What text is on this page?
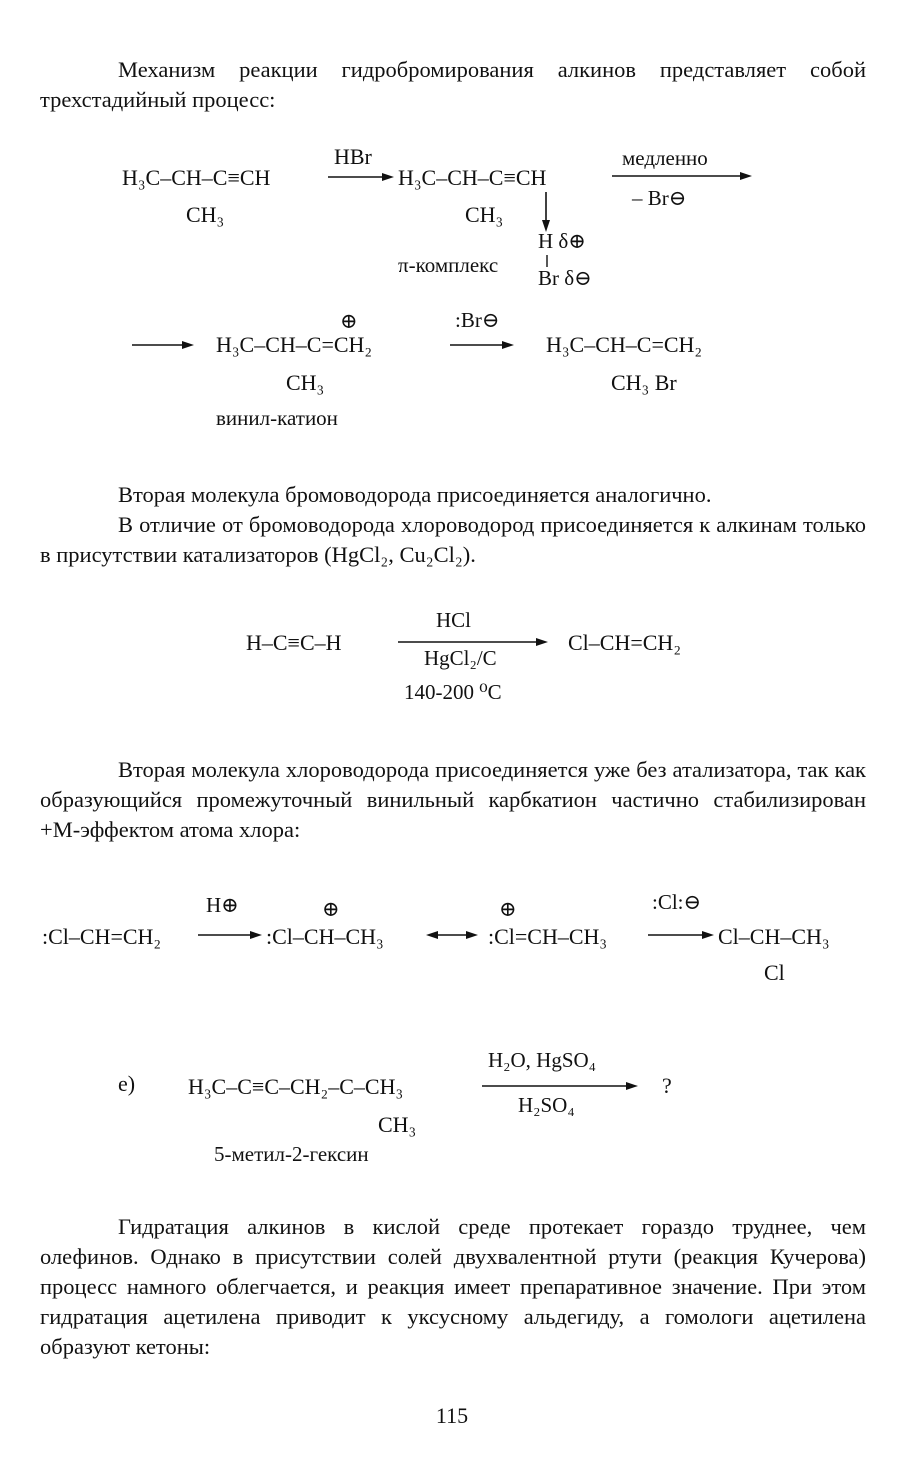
Механизм реакции гидробромирования алкинов представляет собой трехстадийный процесс:

H₃C–CH–C≡CH
CH₃
HBr
H₃C–CH–C≡CH
CH₃
H δ⊕
Br δ⊖
π-комплекс
медленно
– Br⊖
⊕
H₃C–CH–C=CH₂
CH₃
винил-катион
:Br⊖
H₃C–CH–C=CH₂
CH₃ Br

Вторая молекула бромоводорода присоединяется аналогично.

В отличие от бромоводорода хлороводород присоединяется к алкинам только в присутствии катализаторов (HgCl₂, Cu₂Cl₂).

H–C≡C–H
HCl
HgCl₂/C
140-200 ⁰C
Cl–CH=CH₂

Вторая молекула хлороводорода присоединяется уже без атализатора, так как образующийся промежуточный винильный карбкатион частично стабилизирован +M-эффектом атома хлора:

:Cl–CH=CH₂
H⊕	⊕
:Cl–CH–CH₃
⊕
:Cl=CH–CH₃
:Cl:⊖
Cl–CH–CH₃
Cl
е) H₃C–C≡C–CH₂–C–CH₃
CH₃
5-метил-2-гексин
H₂O, HgSO₄
H₂SO₄
?

Гидратация алкинов в кислой среде протекает гораздо труднее, чем олефинов. Однако в присутствии солей двухвалентной ртути (реакция Кучерова) процесс намного облегчается, и реакция имеет препаративное значение. При этом гидратация ацетилена приводит к уксусному альдегиду, а гомологи ацетилена образуют кетоны:

115
